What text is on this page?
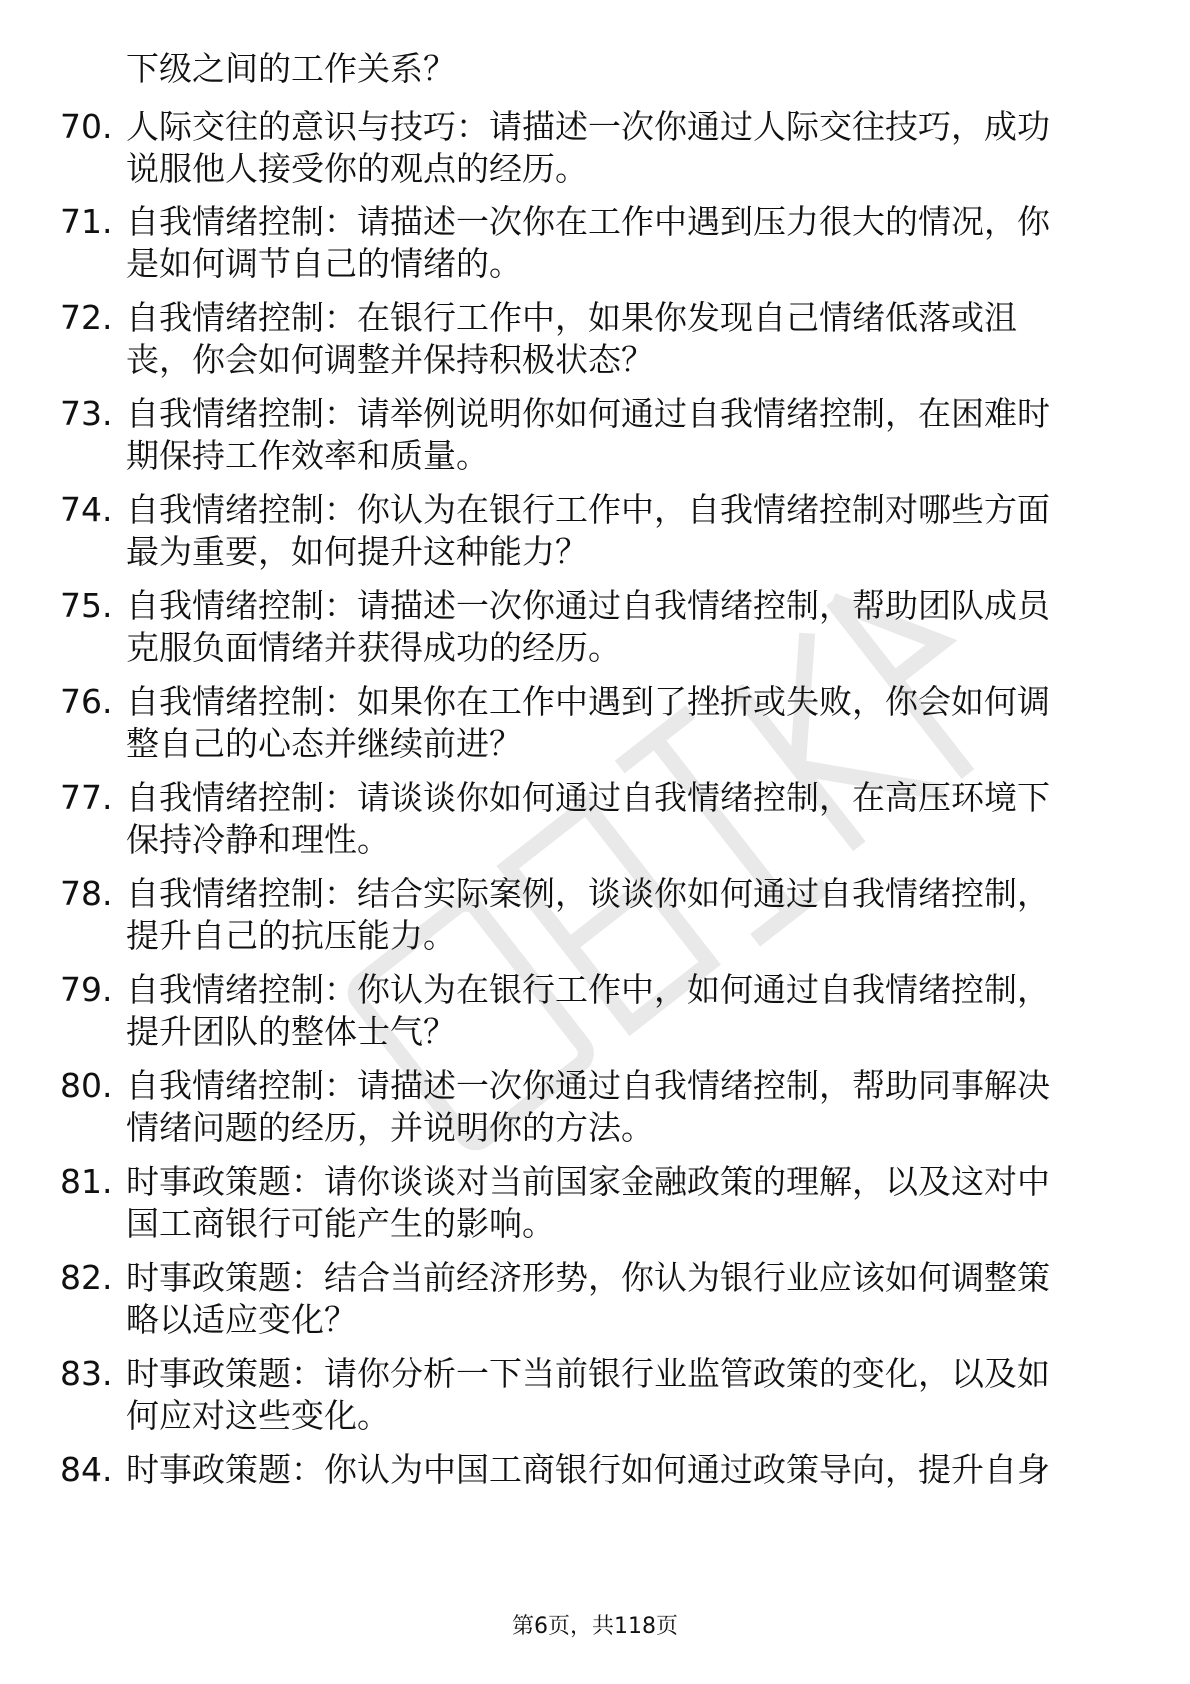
下级之间的工作关系？
70. 人际交往的意识与技巧：请描述一次你通过人际交往技巧，成功
说服他人接受你的观点的经历。
71. 自我情绪控制：请描述一次你在工作中遇到压力很大的情况，你
是如何调节自己的情绪的。
72. 自我情绪控制：在银行工作中，如果你发现自己情绪低落或沮
丧，你会如何调整并保持积极状态？
73. 自我情绪控制：请举例说明你如何通过自我情绪控制，在困难时
期保持工作效率和质量。
74. 自我情绪控制：你认为在银行工作中，自我情绪控制对哪些方面
最为重要，如何提升这种能力？
75. 自我情绪控制：请描述一次你通过自我情绪控制，帮助团队成员
克服负面情绪并获得成功的经历。
76. 自我情绪控制：如果你在工作中遇到了挫折或失败，你会如何调
整自己的心态并继续前进？
77. 自我情绪控制：请谈谈你如何通过自我情绪控制，在高压环境下
保持冷静和理性。
78. 自我情绪控制：结合实际案例，谈谈你如何通过自我情绪控制，
提升自己的抗压能力。
79. 自我情绪控制：你认为在银行工作中，如何通过自我情绪控制，
提升团队的整体士气？
80. 自我情绪控制：请描述一次你通过自我情绪控制，帮助同事解决
情绪问题的经历，并说明你的方法。
81. 时事政策题：请你谈谈对当前国家金融政策的理解，以及这对中
国工商银行可能产生的影响。
82. 时事政策题：结合当前经济形势，你认为银行业应该如何调整策
略以适应变化？
83. 时事政策题：请你分析一下当前银行业监管政策的变化，以及如
何应对这些变化。
84. 时事政策题：你认为中国工商银行如何通过政策导向，提升自身
第6页，共118页
